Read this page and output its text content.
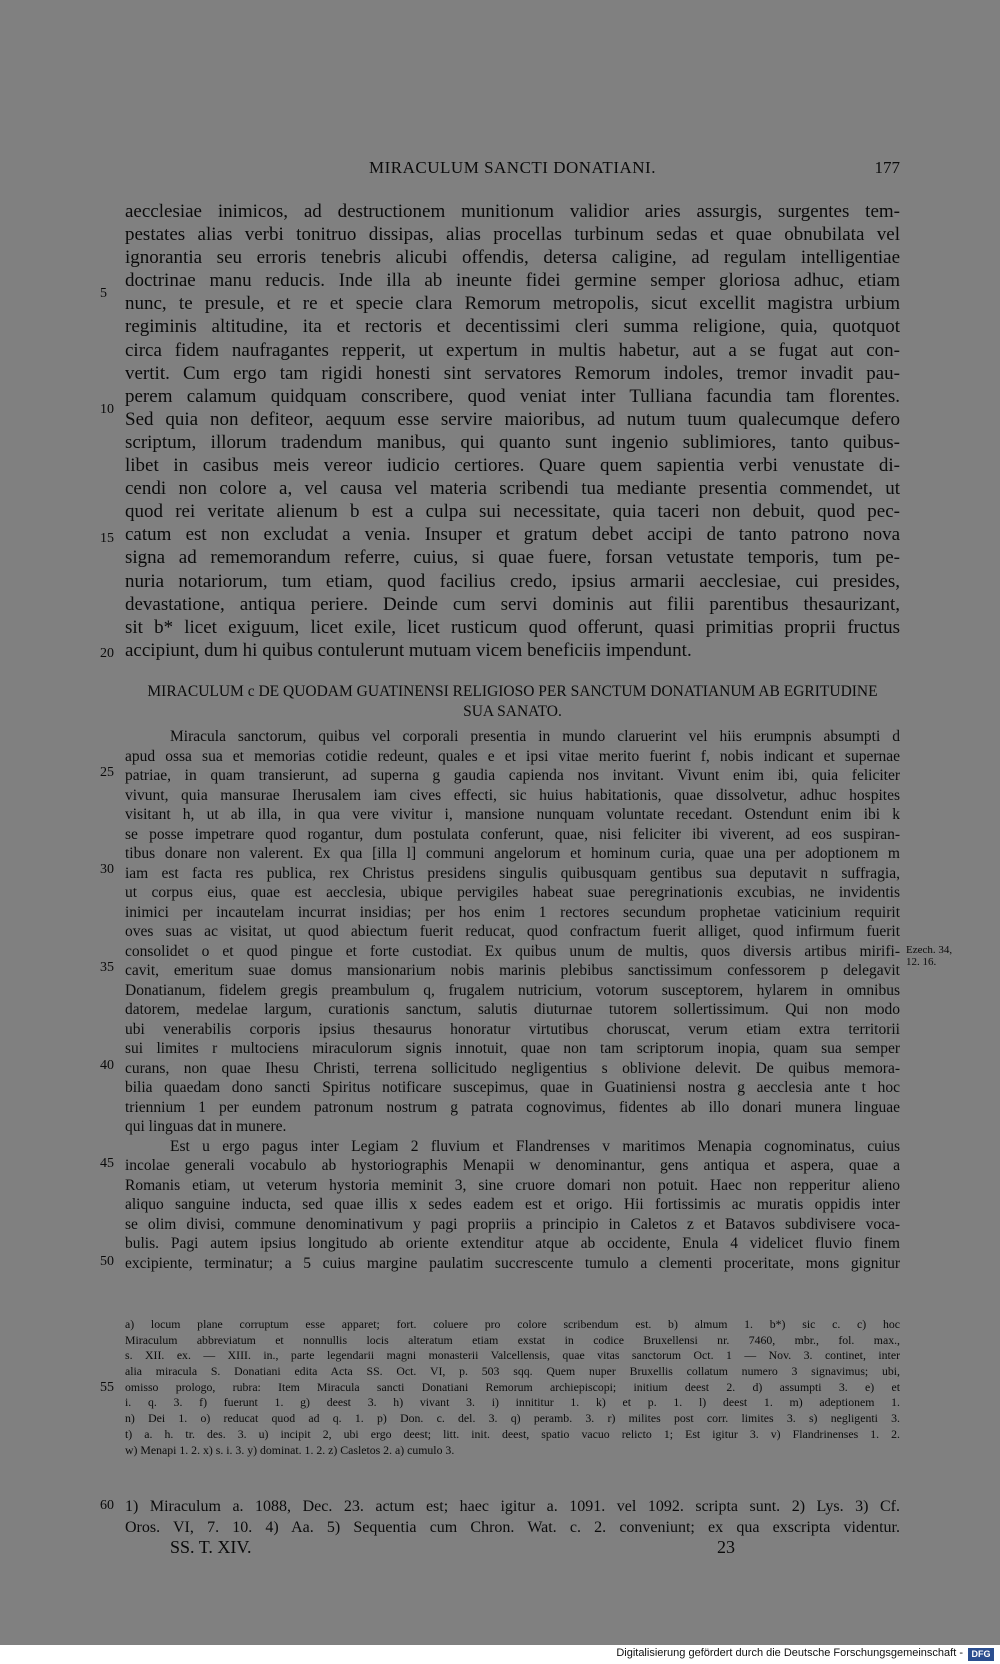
MIRACULUM SANCTI DONATIANI.	177

aecclesiae inimicos, ad destructionem munitionum validior aries assurgis, surgentes tem-

pestates alias verbi tonitruo dissipas, alias procellas turbinum sedas et quae obnubilata vel

ignorantia seu erroris tenebris alicubi offendis, detersa caligine, ad regulam intelligentiae

doctrinae manu reducis. Inde illa ab ineunte fidei germine semper gloriosa adhuc, etiam

nunc, te presule, et re et specie clara Remorum metropolis, sicut excellit magistra urbium

regiminis altitudine, ita et rectoris et decentissimi cleri summa religione, quia, quotquot

circa fidem naufragantes repperit, ut expertum in multis habetur, aut a se fugat aut con-

vertit. Cum ergo tam rigidi honesti sint servatores Remorum indoles, tremor invadit pau-

perem calamum quidquam conscribere, quod veniat inter Tulliana facundia tam florentes.

Sed quia non defiteor, aequum esse servire maioribus, ad nutum tuum qualecumque defero

scriptum, illorum tradendum manibus, qui quanto sunt ingenio sublimiores, tanto quibus-

libet in casibus meis vereor iudicio certiores. Quare quem sapientia verbi venustate di-

cendi non colore a, vel causa vel materia scribendi tua mediante presentia commendet, ut

quod rei veritate alienum b est a culpa sui necessitate, quia taceri non debuit, quod pec-

catum est non excludat a venia. Insuper et gratum debet accipi de tanto patrono nova

signa ad rememorandum referre, cuius, si quae fuere, forsan vetustate temporis, tum pe-

nuria notariorum, tum etiam, quod facilius credo, ipsius armarii aecclesiae, cui presides,

devastatione, antiqua periere. Deinde cum servi dominis aut filii parentibus thesaurizant,

sit b* licet exiguum, licet exile, licet rusticum quod offerunt, quasi primitias proprii fructus

accipiunt, dum hi quibus contulerunt mutuam vicem beneficiis impendunt.

MIRACULUM c DE QUODAM GUATINENSI RELIGIOSO PER SANCTUM DONATIANUM AB EGRITUDINE
SUA SANATO.

Miracula sanctorum, quibus vel corporali presentia in mundo claruerint vel hiis erumpnis absumpti d

apud ossa sua et memorias cotidie redeunt, quales e et ipsi vitae merito fuerint f, nobis indicant et supernae

patriae, in quam transierunt, ad superna g gaudia capienda nos invitant. Vivunt enim ibi, quia feliciter

vivunt, quia mansurae Iherusalem iam cives effecti, sic huius habitationis, quae dissolvetur, adhuc hospites

visitant h, ut ab illa, in qua vere vivitur i, mansione nunquam voluntate recedant. Ostendunt enim ibi k

se posse impetrare quod rogantur, dum postulata conferunt, quae, nisi feliciter ibi viverent, ad eos suspiran-

tibus donare non valerent. Ex qua [illa l] communi angelorum et hominum curia, quae una per adoptionem m

iam est facta res publica, rex Christus presidens singulis quibusquam gentibus sua deputavit n suffragia,

ut corpus eius, quae est aecclesia, ubique pervigiles habeat suae peregrinationis excubias, ne invidentis

inimici per incautelam incurrat insidias; per hos enim 1 rectores secundum prophetae vaticinium requirit

oves suas ac visitat, ut quod abiectum fuerit reducat, quod confractum fuerit alliget, quod infirmum fuerit

consolidet o et quod pingue et forte custodiat. Ex quibus unum de multis, quos diversis artibus mirifi-

cavit, emeritum suae domus mansionarium nobis marinis plebibus sanctissimum confessorem p delegavit

Donatianum, fidelem gregis preambulum q, frugalem nutricium, votorum susceptorem, hylarem in omnibus

datorem, medelae largum, curationis sanctum, salutis diuturnae tutorem sollertissimum. Qui non modo

ubi venerabilis corporis ipsius thesaurus honoratur virtutibus choruscat, verum etiam extra territorii

sui limites r multociens miraculorum signis innotuit, quae non tam scriptorum inopia, quam sua semper

curans, non quae Ihesu Christi, terrena sollicitudo negligentius s oblivione delevit. De quibus memora-

bilia quaedam dono sancti Spiritus notificare suscepimus, quae in Guatiniensi nostra g aecclesia ante t hoc

triennium 1 per eundem patronum nostrum g patrata cognovimus, fidentes ab illo donari munera linguae

qui linguas dat in munere.

Est u ergo pagus inter Legiam 2 fluvium et Flandrenses v maritimos Menapia cognominatus, cuius

incolae generali vocabulo ab hystoriographis Menapii w denominantur, gens antiqua et aspera, quae a

Romanis etiam, ut veterum hystoria meminit 3, sine cruore domari non potuit. Haec non repperitur alieno

aliquo sanguine inducta, sed quae illis x sedes eadem est et origo. Hii fortissimis ac muratis oppidis inter

se olim divisi, commune denominativum y pagi propriis a principio in Caletos z et Batavos subdivisere voca-

bulis. Pagi autem ipsius longitudo ab oriente extenditur atque ab occidente, Enula 4 videlicet fluvio finem

excipiente, terminatur; a 5 cuius margine paulatim succrescente tumulo a clementi proceritate, mons gignitur

Ezech. 34,
12. 16.

a) locum plane corruptum esse apparet; fort. coluere pro colore scribendum est. b) almum 1. b*) sic c. c) hoc

Miraculum abbreviatum et nonnullis locis alteratum etiam exstat in codice Bruxellensi nr. 7460, mbr., fol. max.,

s. XII. ex. — XIII. in., parte legendarii magni monasterii Valcellensis, quae vitas sanctorum Oct. 1 — Nov. 3. continet, inter

alia miracula S. Donatiani edita Acta SS. Oct. VI, p. 503 sqq. Quem nuper Bruxellis collatum numero 3 signavimus; ubi,

omisso prologo, rubra: Item Miracula sancti Donatiani Remorum archiepiscopi; initium deest 2. d) assumpti 3. e) et

i. q. 3. f) fuerunt 1. g) deest 3. h) vivant 3. i) innititur 1. k) et p. 1. l) deest 1. m) adeptionem 1.

n) Dei 1. o) reducat quod ad q. 1. p) Don. c. del. 3. q) peramb. 3. r) milites post corr. limites 3. s) negligenti 3.

t) a. h. tr. des. 3. u) incipit 2, ubi ergo deest; litt. init. deest, spatio vacuo relicto 1; Est igitur 3. v) Flandrinenses 1. 2.

w) Menapi 1. 2. x) s. i. 3. y) dominat. 1. 2. z) Casletos 2. a) cumulo 3.

1) Miraculum a. 1088, Dec. 23. actum est; haec igitur a. 1091. vel 1092. scripta sunt. 2) Lys. 3) Cf.

Oros. VI, 7. 10. 4) Aa. 5) Sequentia cum Chron. Wat. c. 2. conveniunt; ex qua exscripta videntur.

5
10
15
20
25
30
35
40
45
50
55
60
SS. T. XIV.	23
Digitalisierung gefördert durch die Deutsche Forschungsgemeinschaft - DFG
